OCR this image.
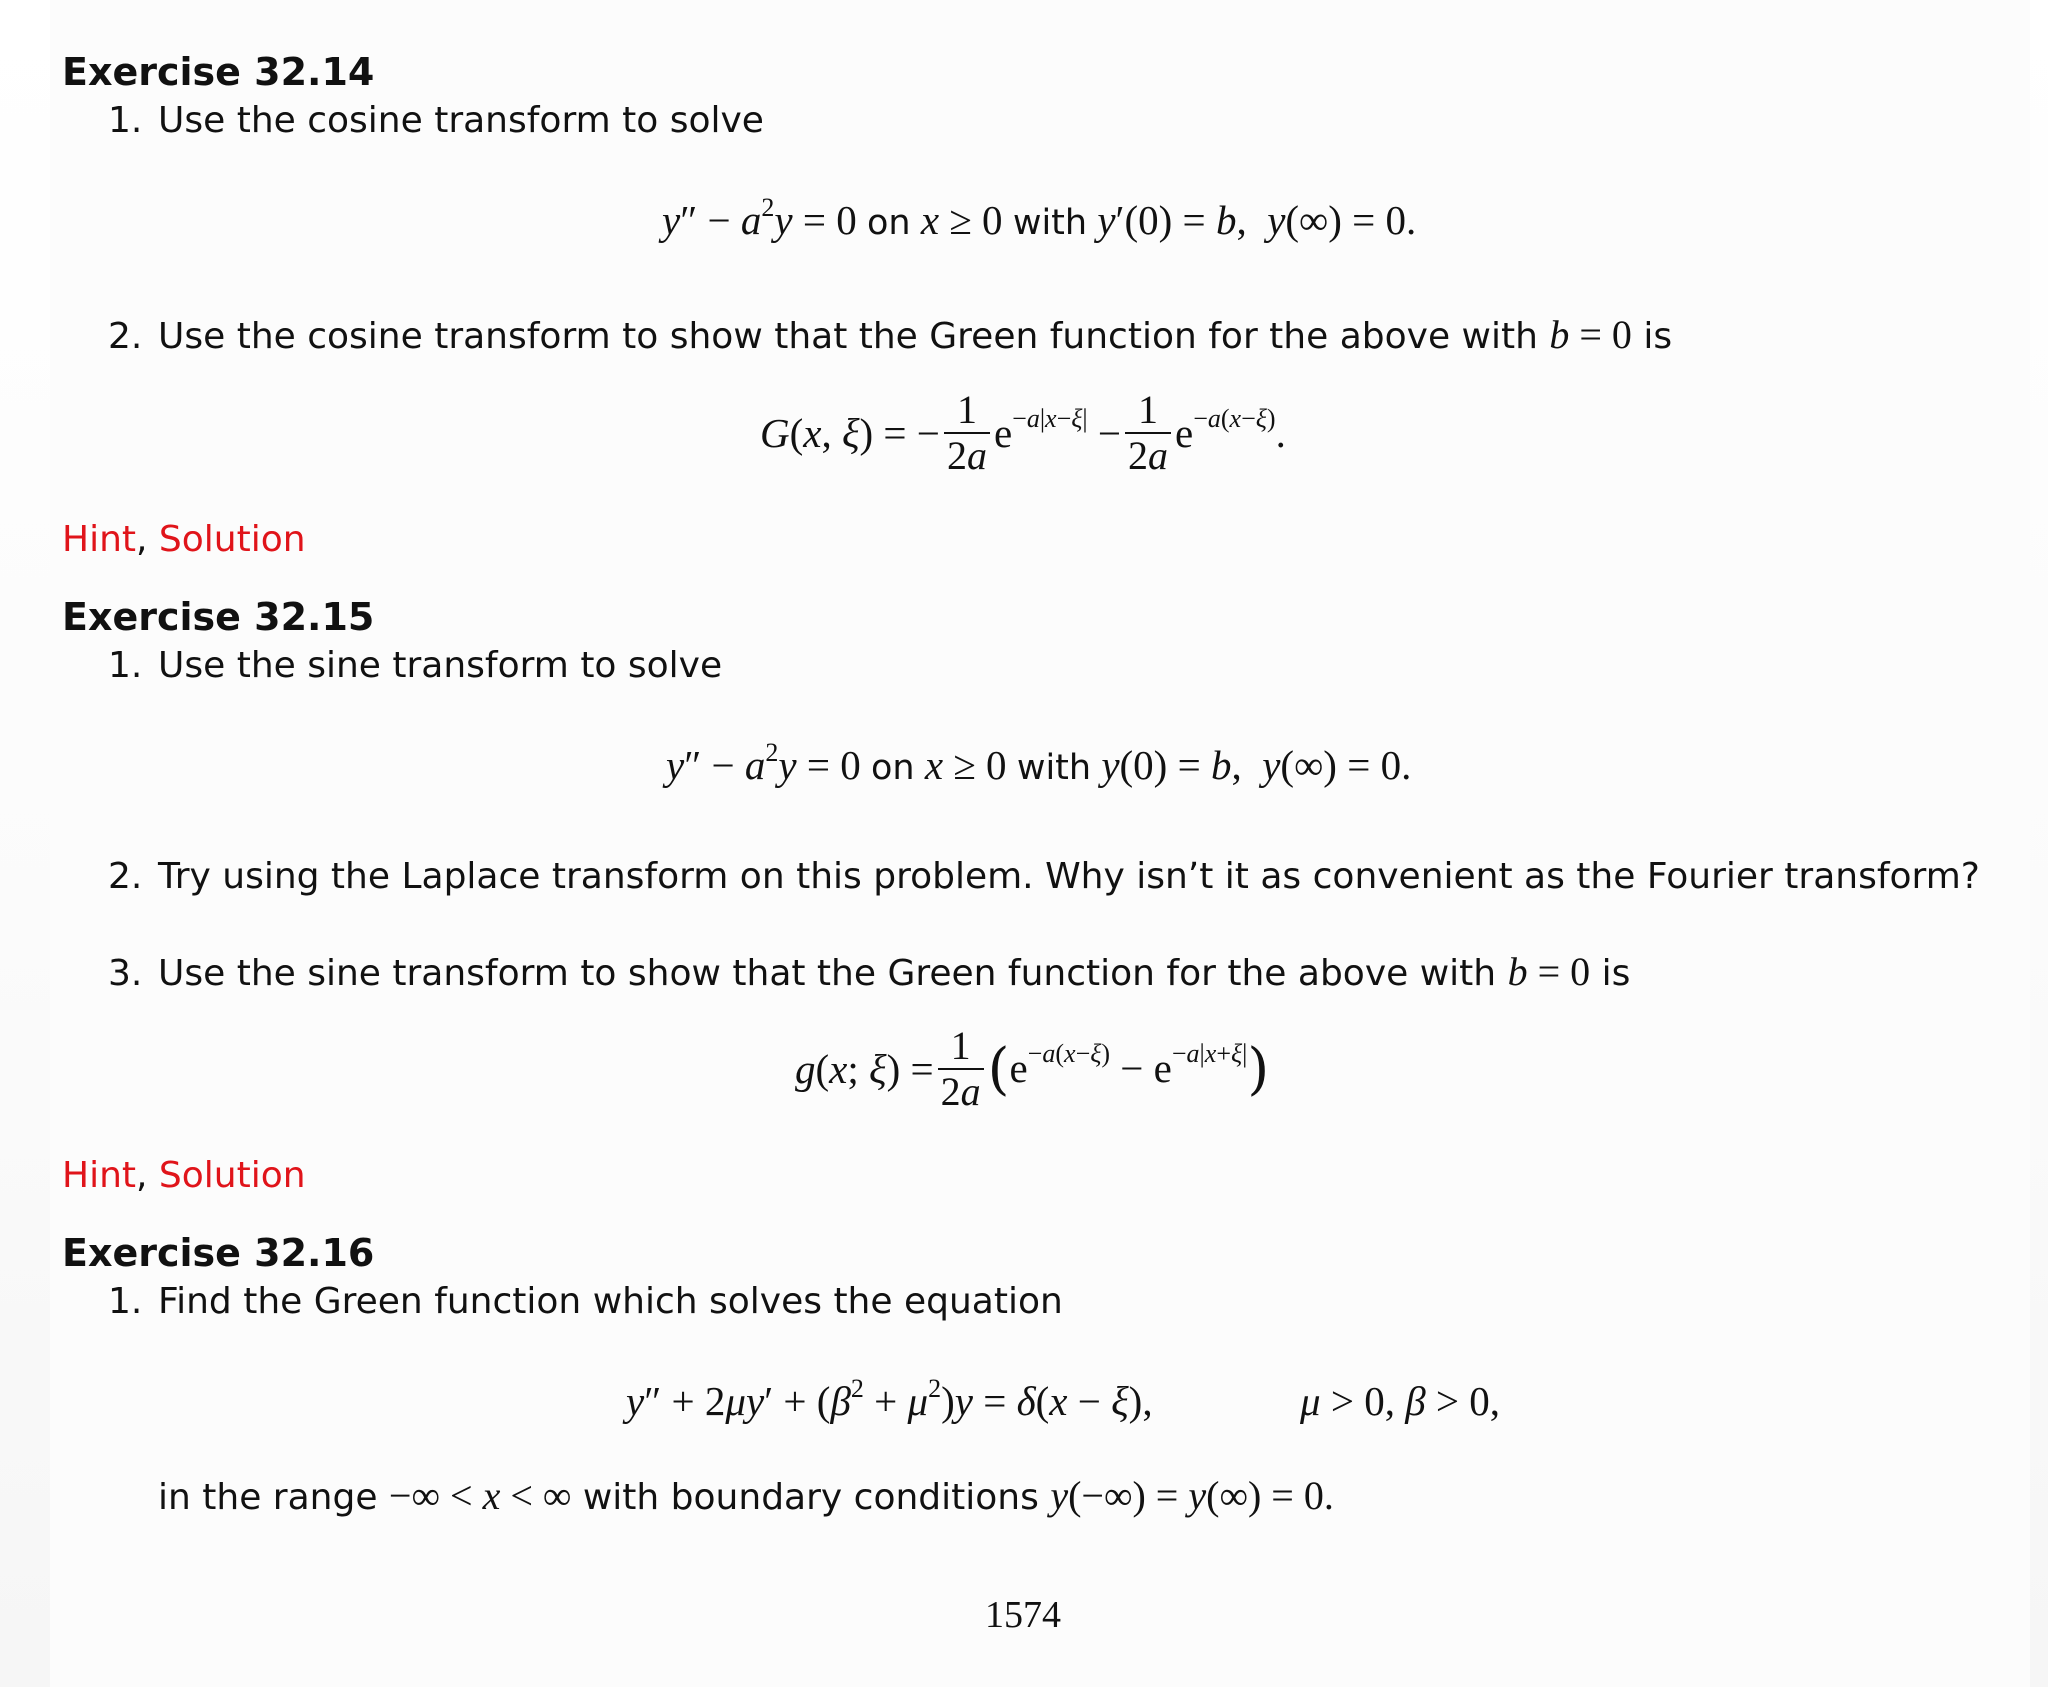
Exercise 32.14
1. Use the cosine transform to solve
$y'' - a^2y = 0$ on x ≥ 0 with y′(0) = b,  y(∞) = 0.
2. Use the cosine transform to show that the Green function for the above with b = 0 is
G(x, ξ) = − $\frac{1}{2a} e^{-a|x-\xi|} - \frac{1}{2a} e^{-a(x-\xi)}$.
Hint, Solution
Exercise 32.15
1. Use the sine transform to solve
$y'' - a^2y = 0$ on x ≥ 0 with y(0) = b,  y(∞) = 0.
2. Try using the Laplace transform on this problem. Why isn’t it as convenient as the Fourier transform?
3. Use the sine transform to show that the Green function for the above with b = 0 is
g(x; $\xi) = \frac{1}{2a} (e^{-a(x-\xi)} - e^{-a|x+\xi|})$
Hint, Solution
Exercise 32.16
1. Find the Green function which solves the equation
$y'' + 2\mu y' + (\beta^2 + \mu^2)y = \delta(x - \xi)$,	μ > 0, β > 0,
in the range −∞ < x < ∞ with boundary conditions y(−∞) = y(∞) = 0.
1574
